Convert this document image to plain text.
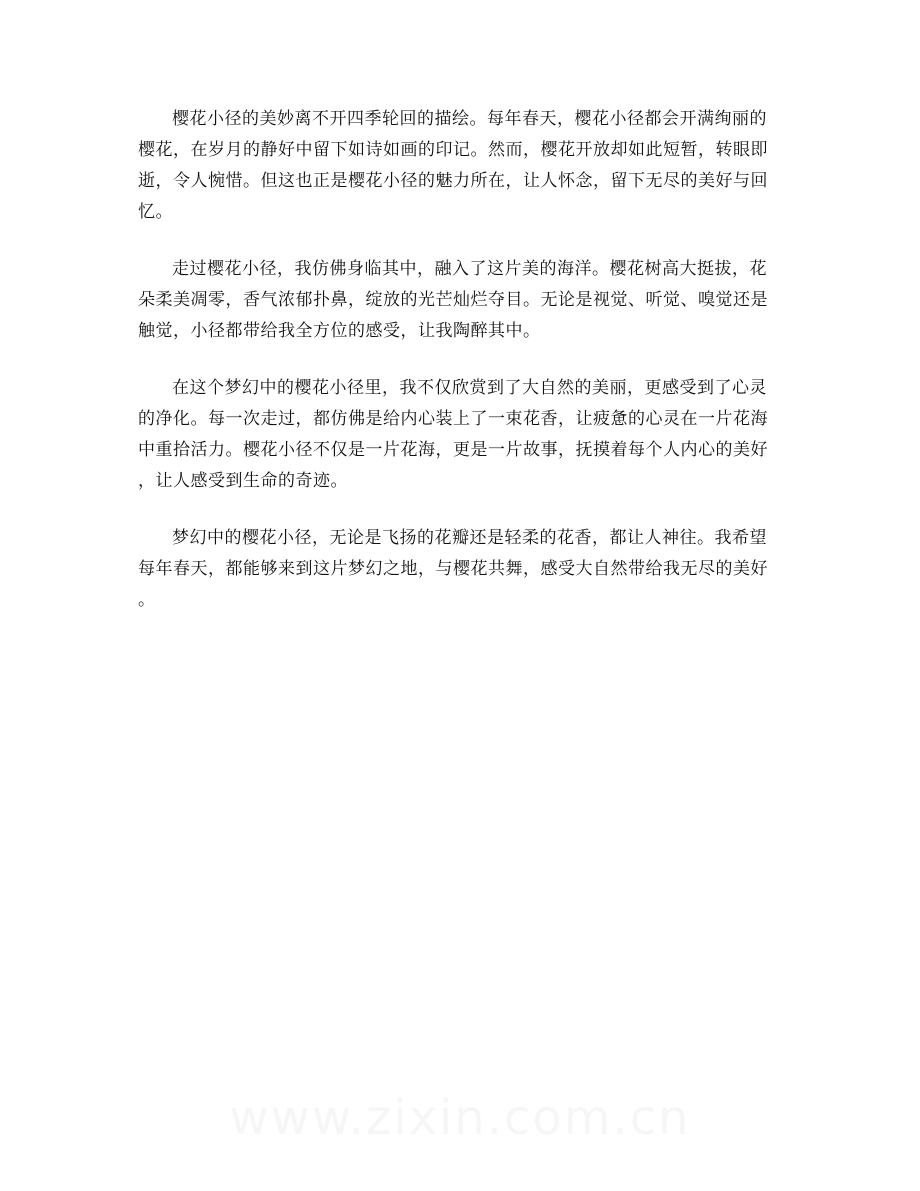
樱花小径的美妙离不开四季轮回的描绘。每年春天，樱花小径都会开满绚丽的
樱花，在岁月的静好中留下如诗如画的印记。然而，樱花开放却如此短暂，转眼即
逝，令人惋惜。但这也正是樱花小径的魅力所在，让人怀念，留下无尽的美好与回
忆。

走过樱花小径，我仿佛身临其中，融入了这片美的海洋。樱花树高大挺拔，花
朵柔美凋零，香气浓郁扑鼻，绽放的光芒灿烂夺目。无论是视觉、听觉、嗅觉还是
触觉，小径都带给我全方位的感受，让我陶醉其中。

在这个梦幻中的樱花小径里，我不仅欣赏到了大自然的美丽，更感受到了心灵
的净化。每一次走过，都仿佛是给内心装上了一束花香，让疲惫的心灵在一片花海
中重拾活力。樱花小径不仅是一片花海，更是一片故事，抚摸着每个人内心的美好
，让人感受到生命的奇迹。

梦幻中的樱花小径，无论是飞扬的花瓣还是轻柔的花香，都让人神往。我希望
每年春天，都能够来到这片梦幻之地，与樱花共舞，感受大自然带给我无尽的美好
。
